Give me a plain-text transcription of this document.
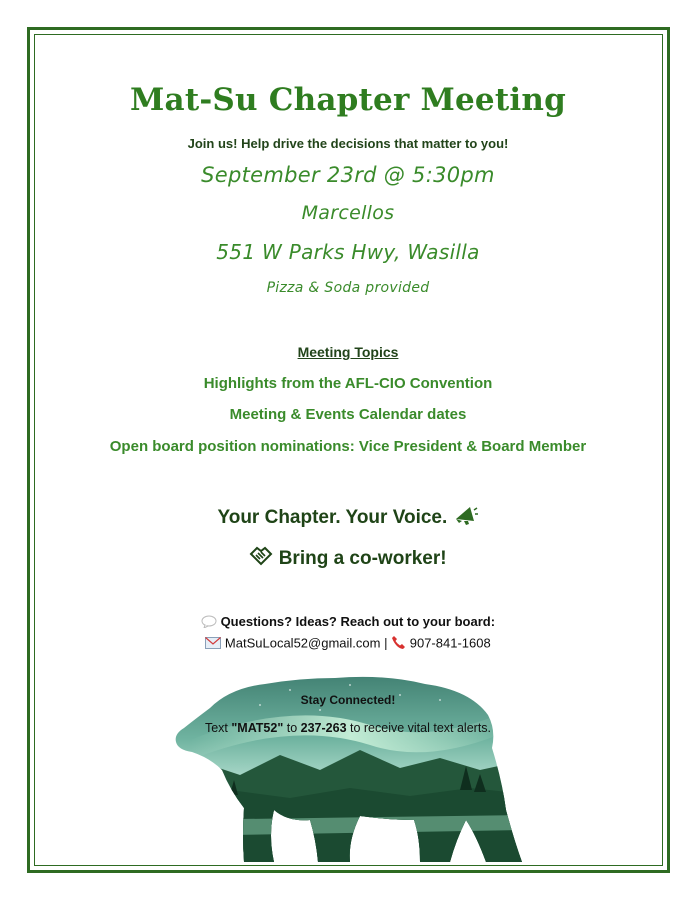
Mat-Su Chapter Meeting
Join us! Help drive the decisions that matter to you!
September 23rd @ 5:30pm
Marcellos
551 W Parks Hwy, Wasilla
Pizza & Soda provided
Meeting Topics
Highlights from the AFL-CIO Convention
Meeting & Events Calendar dates
Open board position nominations: Vice President & Board Member
Your Chapter. Your Voice.
Bring a co-worker!
Questions? Ideas? Reach out to your board:
MatSuLocal52@gmail.com | 907-841-1608
Stay Connected!
Text "MAT52" to 237-263 to receive vital text alerts.
